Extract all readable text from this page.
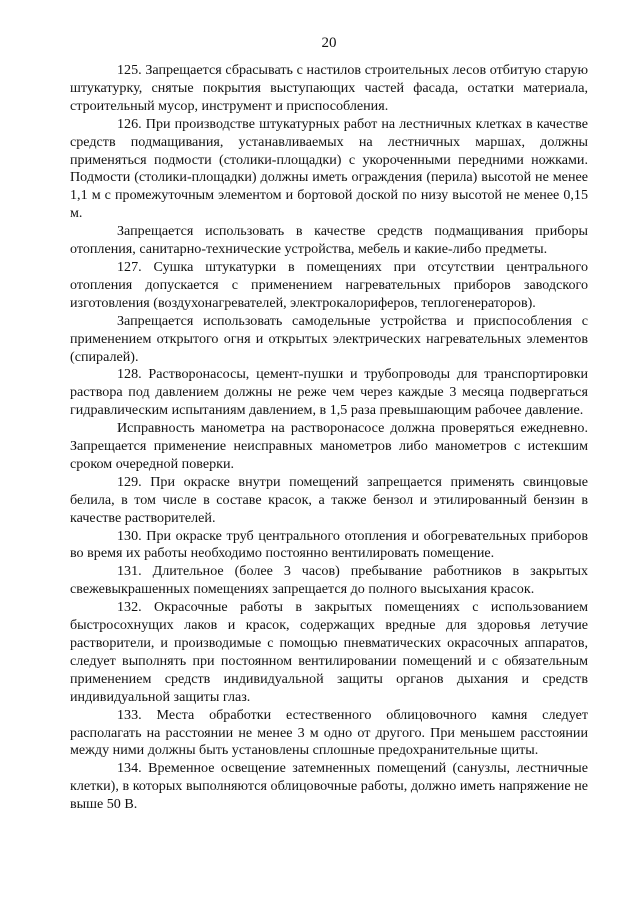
20

125. Запрещается сбрасывать с настилов строительных лесов отбитую старую штукатурку, снятые покрытия выступающих частей фасада, остатки материала, строительный мусор, инструмент и приспособления.

126. При производстве штукатурных работ на лестничных клетках в качестве средств подмащивания, устанавливаемых на лестничных маршах, должны применяться подмости (столики-площадки) с укороченными передними ножками. Подмости (столики-площадки) должны иметь ограждения (перила) высотой не менее 1,1 м с промежуточным элементом и бортовой доской по низу высотой не менее 0,15 м.

Запрещается использовать в качестве средств подмащивания приборы отопления, санитарно-технические устройства, мебель и какие-либо предметы.

127. Сушка штукатурки в помещениях при отсутствии центрального отопления допускается с применением нагревательных приборов заводского изготовления (воздухонагревателей, электрокалориферов, теплогенераторов).

Запрещается использовать самодельные устройства и приспособления с применением открытого огня и открытых электрических нагревательных элементов (спиралей).

128. Растворонасосы, цемент-пушки и трубопроводы для транспортировки раствора под давлением должны не реже чем через каждые 3 месяца подвергаться гидравлическим испытаниям давлением, в 1,5 раза превышающим рабочее давление.

Исправность манометра на растворонасосе должна проверяться ежедневно. Запрещается применение неисправных манометров либо манометров с истекшим сроком очередной поверки.

129. При окраске внутри помещений запрещается применять свинцовые белила, в том числе в составе красок, а также бензол и этилированный бензин в качестве растворителей.

130. При окраске труб центрального отопления и обогревательных приборов во время их работы необходимо постоянно вентилировать помещение.

131. Длительное (более 3 часов) пребывание работников в закрытых свежевыкрашенных помещениях запрещается до полного высыхания красок.

132. Окрасочные работы в закрытых помещениях с использованием быстросохнущих лаков и красок, содержащих вредные для здоровья летучие растворители, и производимые с помощью пневматических окрасочных аппаратов, следует выполнять при постоянном вентилировании помещений и с обязательным применением средств индивидуальной защиты органов дыхания и средств индивидуальной защиты глаз.

133. Места обработки естественного облицовочного камня следует располагать на расстоянии не менее 3 м одно от другого. При меньшем расстоянии между ними должны быть установлены сплошные предохранительные щиты.

134. Временное освещение затемненных помещений (санузлы, лестничные клетки), в которых выполняются облицовочные работы, должно иметь напряжение не выше 50 В.
